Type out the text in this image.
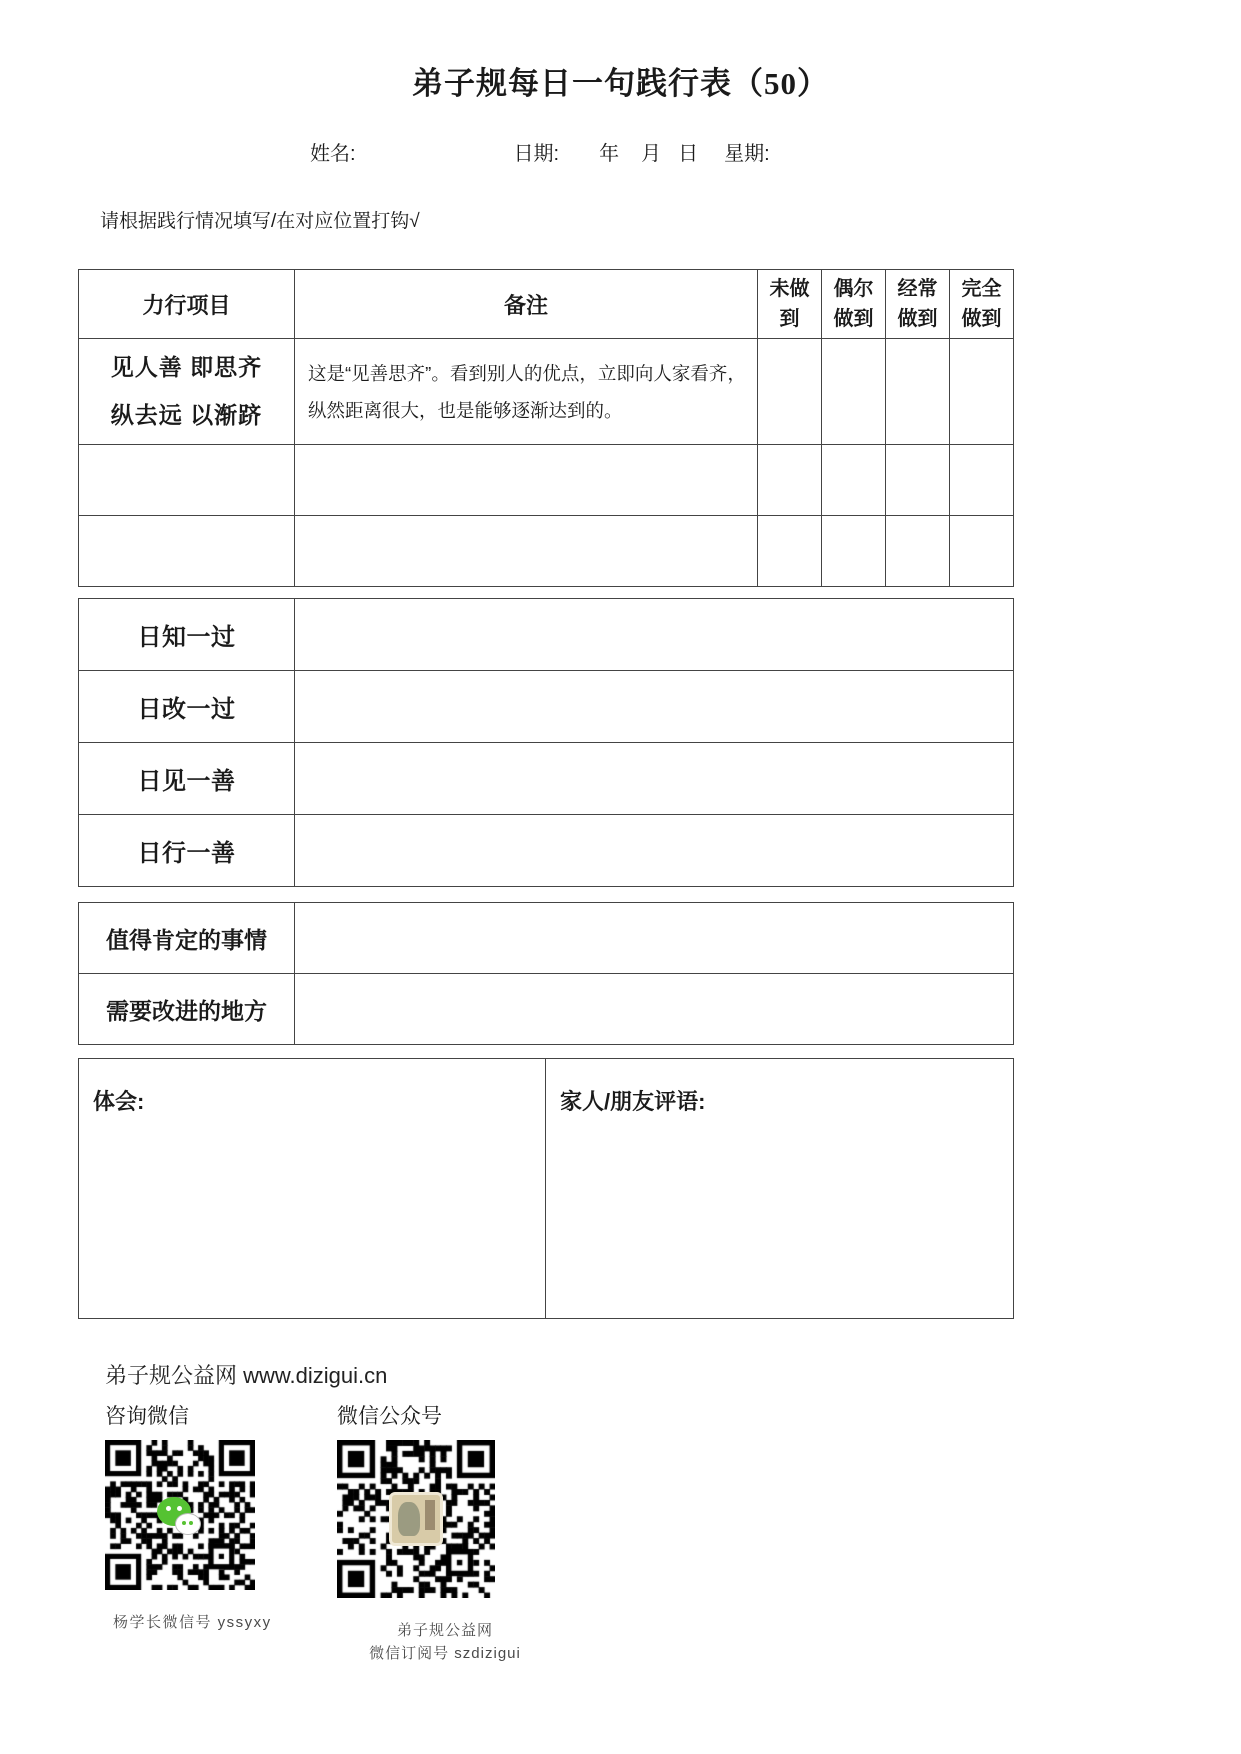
弟子规每日一句践行表（50）
姓名:	日期: 年 月 日 星期:
请根据践行情况填写/在对应位置打钩√
力行项目	备注	未做到	偶尔做到	经常做到	完全做到

见人善 即思齐
纵去远 以渐跻	这是“见善思齐”。看到别人的优点，立即向人家看齐，纵然距离很大，也是能够逐渐达到的。				

日知一过	
日改一过	
日见一善	
日行一善	
值得肯定的事情	
需要改进的地方	
体会:	家人/朋友评语:
弟子规公益网 www.dizigui.cn
咨询微信
杨学长微信号 yssyxy
微信公众号
弟子规公益网
微信订阅号 szdizigui
